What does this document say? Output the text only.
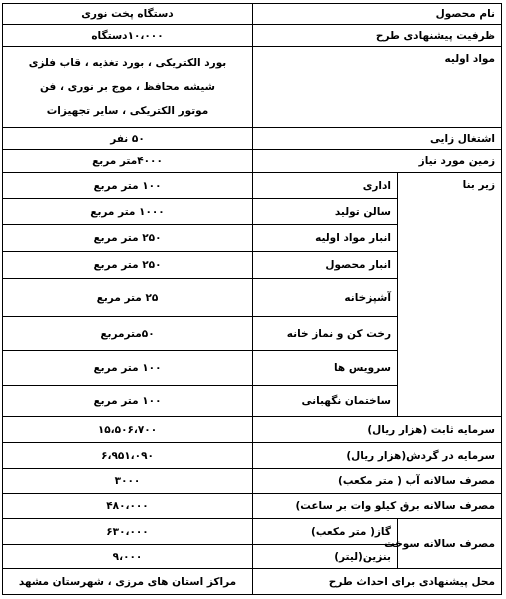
نام محصول		دستگاه پخت نوری
ظرفیت پیشنهادی طرح		۱۰،۰۰۰دستگاه
مواد اولیه		بورد الکتریکی ، بورد تغذیه ، قاب فلزی
شیشه محافظ ، موج بر نوری ، فن
موتور الکتریکی ، سایر تجهیزات

اشتغال زایی		۵۰ نفر
زمین مورد نیاز		۴۰۰۰متر مربع
زیر بنا	اداری	۱۰۰ متر مربع
	سالن تولید	۱۰۰۰ متر مربع
	انبار مواد اولیه	۲۵۰ متر مربع
	انبار محصول	۲۵۰ متر مربع
	آشپزخانه	۲۵ متر مربع
	رخت کن و نماز خانه	۵۰مترمربع
	سرویس ها	۱۰۰ متر مربع
	ساختمان نگهبانی	۱۰۰ متر مربع
سرمایه ثابت (هزار ریال)		۱۵،۵۰۶،۷۰۰
سرمایه در گردش(هزار ریال)		۶،۹۵۱،۰۹۰
مصرف سالانه آب ( متر مکعب)		۳۰۰۰
مصرف سالانه برق کیلو وات بر ساعت)		۴۸۰،۰۰۰
مصرف سالانه سوخت	گاز( متر مکعب)	۶۳۰،۰۰۰
	بنزین(لیتر)	۹،۰۰۰
محل پیشنهادی برای احداث طرح		مراکز استان های مرزی ، شهرستان مشهد
